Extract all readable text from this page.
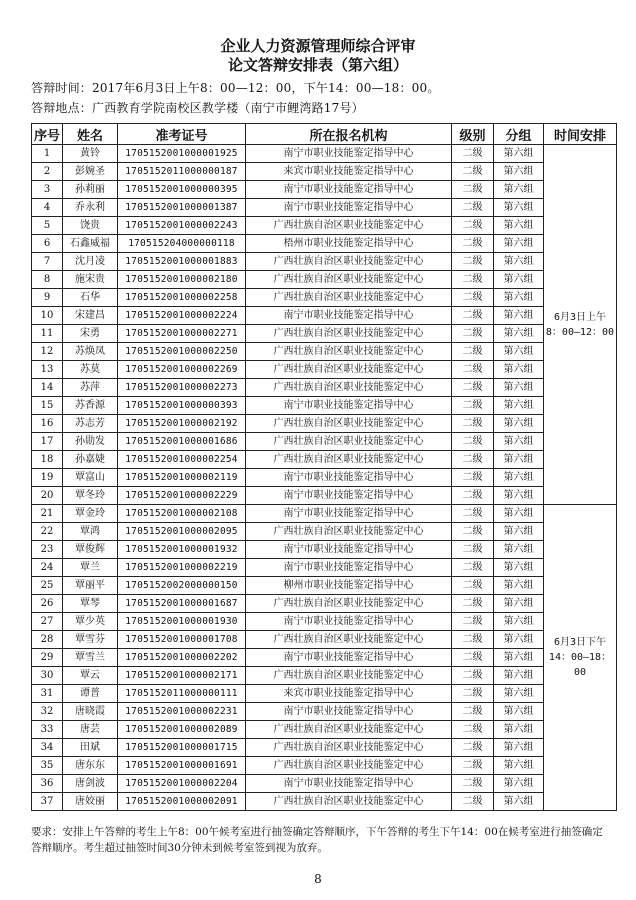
企业人力资源管理师综合评审
论文答辩安排表（第六组）
答辩时间：2017年6月3日上午8：00—12：00，下午14：00—18：00。
答辩地点：广西教育学院南校区教学楼（南宁市鲤湾路17号）
序号	姓名	准考证号	所在报名机构	级别	分组	时间安排
1	黄铃	170515200100000192​5	南宁市职业技能鉴定指导中心	二级	第六组	6月3日上午
8：00—12：00
2	彭婉圣	1705152011000000187	来宾市职业技能鉴定指导中心	二级	第六组	
3	孙莉丽	1705152001000000395	南宁市职业技能鉴定指导中心	二级	第六组	
4	乔永利	1705152001000001387	南宁市职业技能鉴定指导中心	二级	第六组	
5	饶贵	1705152001000002243	广西壮族自治区职业技能鉴定中心	二级	第六组	
6	石鑫威福	170515204000000118	梧州市职业技能鉴定指导中心	二级	第六组	
7	沈月凌	1705152001000001883	广西壮族自治区职业技能鉴定中心	二级	第六组	
8	施宋贵	1705152001000002180	广西壮族自治区职业技能鉴定中心	二级	第六组	
9	石华	1705152001000002258	广西壮族自治区职业技能鉴定中心	二级	第六组	
10	宋建昌	1705152001000002224	南宁市职业技能鉴定指导中心	二级	第六组	
11	宋勇	1705152001000002271	广西壮族自治区职业技能鉴定中心	二级	第六组	
12	苏焕凤	1705152001000002250	广西壮族自治区职业技能鉴定中心	二级	第六组	
13	苏莫	1705152001000002269	广西壮族自治区职业技能鉴定中心	二级	第六组	
14	苏萍	1705152001000002273	广西壮族自治区职业技能鉴定中心	二级	第六组	
15	苏香源	1705152001000000393	南宁市职业技能鉴定指导中心	二级	第六组	
16	苏志芳	1705152001000002192	广西壮族自治区职业技能鉴定中心	二级	第六组	
17	孙勋发	1705152001000001686	广西壮族自治区职业技能鉴定中心	二级	第六组	
18	孙嘉婕	1705152001000002254	广西壮族自治区职业技能鉴定中心	二级	第六组	
19	覃富山	1705152001000002119	南宁市职业技能鉴定指导中心	二级	第六组	
20	覃冬玲	1705152001000002229	南宁市职业技能鉴定指导中心	二级	第六组	
21	覃金玲	1705152001000002108	南宁市职业技能鉴定指导中心	二级	第六组	6月3日下午
14：00—18：00
22	覃鸿	1705152001000002095	广西壮族自治区职业技能鉴定中心	二级	第六组	
23	覃俊辉	1705152001000001932	南宁市职业技能鉴定指导中心	二级	第六组	
24	覃兰	1705152001000002219	南宁市职业技能鉴定指导中心	二级	第六组	
25	覃丽平	1705152002000000150	柳州市职业技能鉴定指导中心	二级	第六组	
26	覃琴	1705152001000001687	广西壮族自治区职业技能鉴定中心	二级	第六组	
27	覃少英	1705152001000001930	南宁市职业技能鉴定指导中心	二级	第六组	
28	覃雪芬	1705152001000001708	广西壮族自治区职业技能鉴定中心	二级	第六组	
29	覃雪兰	1705152001000002202	南宁市职业技能鉴定指导中心	二级	第六组	
30	覃云	1705152001000002171	广西壮族自治区职业技能鉴定中心	二级	第六组	
31	谭普	1705152011000000111	来宾市职业技能鉴定指导中心	二级	第六组	
32	唐晓霞	1705152001000002231	南宁市职业技能鉴定指导中心	二级	第六组	
33	唐芸	1705152001000002089	广西壮族自治区职业技能鉴定中心	二级	第六组	
34	田斌	1705152001000001715	广西壮族自治区职业技能鉴定中心	二级	第六组	
35	唐东东	1705152001000001691	广西壮族自治区职业技能鉴定中心	二级	第六组	
36	唐剑波	1705152001000002204	南宁市职业技能鉴定指导中心	二级	第六组	
37	唐姣丽	1705152001000002091	广西壮族自治区职业技能鉴定中心	二级	第六组	
要求：安排上午答辩的考生上午8：00午候考室进行抽签确定答辩顺序，下午答辩的考生下午14：00在候考室进行抽签确定答辩顺序。考生超过抽签时间30分钟未到候考室签到视为放弃。
8
